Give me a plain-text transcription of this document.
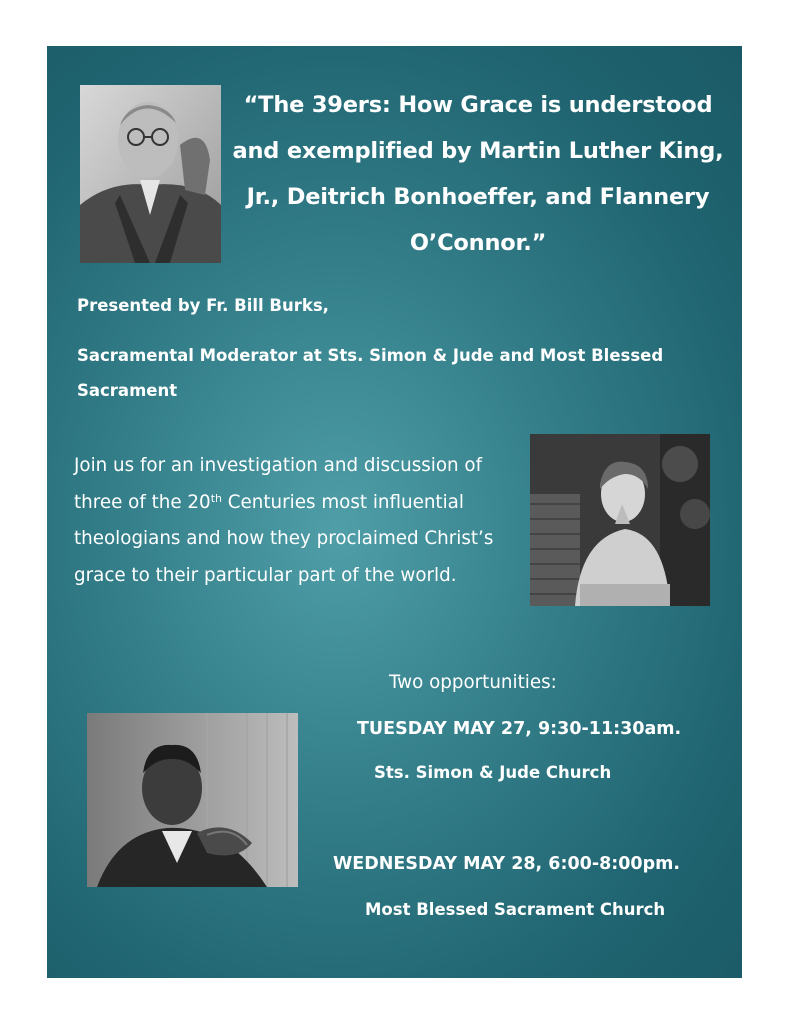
“The 39ers: How Grace is understood and exemplified by Martin Luther King, Jr., Deitrich Bonhoeffer, and Flannery O’Connor.”
Presented by Fr. Bill Burks,
Sacramental Moderator at Sts. Simon & Jude and Most Blessed Sacrament
Join us for an investigation and discussion of three of the 20th Centuries most influential theologians and how they proclaimed Christ’s grace to their particular part of the world.
Two opportunities:
TUESDAY MAY 27, 9:30-11:30am.
Sts. Simon & Jude Church
WEDNESDAY MAY 28, 6:00-8:00pm.
Most Blessed Sacrament Church
